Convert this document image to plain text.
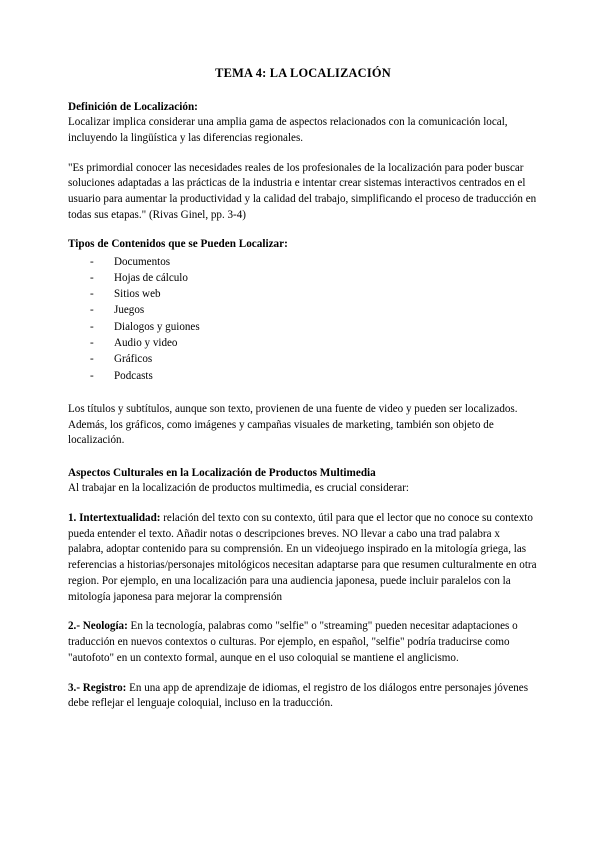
TEMA 4: LA LOCALIZACIÓN
Definición de Localización:

Localizar implica considerar una amplia gama de aspectos relacionados con la comunicación local, incluyendo la lingüística y las diferencias regionales.

"Es primordial conocer las necesidades reales de los profesionales de la localización para poder buscar soluciones adaptadas a las prácticas de la industria e intentar crear sistemas interactivos centrados en el usuario para aumentar la productividad y la calidad del trabajo, simplificando el proceso de traducción en todas sus etapas." (Rivas Ginel, pp. 3-4)

Tipos de Contenidos que se Pueden Localizar:
- Documentos
- Hojas de cálculo
- Sitios web
- Juegos
- Dialogos y guiones
- Audio y video
- Gráficos
- Podcasts

Los títulos y subtítulos, aunque son texto, provienen de una fuente de video y pueden ser localizados. Además, los gráficos, como imágenes y campañas visuales de marketing, también son objeto de localización.

Aspectos Culturales en la Localización de Productos Multimedia

Al trabajar en la localización de productos multimedia, es crucial considerar:

1. Intertextualidad: relación del texto con su contexto, útil para que el lector que no conoce su contexto pueda entender el texto. Añadir notas o descripciones breves. NO llevar a cabo una trad palabra x palabra, adoptar contenido para su comprensión. En un videojuego inspirado en la mitología griega, las referencias a historias/personajes mitológicos necesitan adaptarse para que resumen culturalmente en otra region. Por ejemplo, en una localización para una audiencia japonesa, puede incluir paralelos con la mitología japonesa para mejorar la comprensión

2.- Neología: En la tecnología, palabras como "selfie" o "streaming" pueden necesitar adaptaciones o traducción en nuevos contextos o culturas. Por ejemplo, en español, "selfie" podría traducirse como "autofoto" en un contexto formal, aunque en el uso coloquial se mantiene el anglicismo.

3.- Registro: En una app de aprendizaje de idiomas, el registro de los diálogos entre personajes jóvenes debe reflejar el lenguaje coloquial, incluso en la traducción.
